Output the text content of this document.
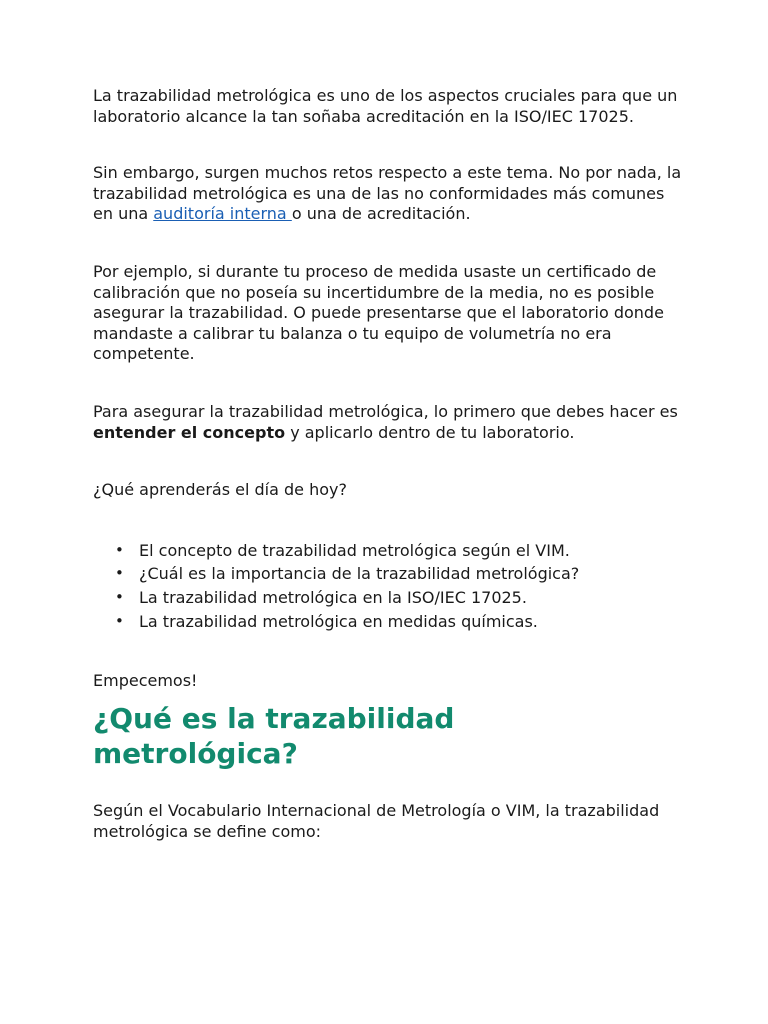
La trazabilidad metrológica es uno de los aspectos cruciales para que un laboratorio alcance la tan soñaba acreditación en la ISO/IEC 17025.

Sin embargo, surgen muchos retos respecto a este tema. No por nada, la trazabilidad metrológica es una de las no conformidades más comunes en una auditoría interna o una de acreditación.

Por ejemplo, si durante tu proceso de medida usaste un certificado de calibración que no poseía su incertidumbre de la media, no es posible asegurar la trazabilidad. O puede presentarse que el laboratorio donde mandaste a calibrar tu balanza o tu equipo de volumetría no era competente.

Para asegurar la trazabilidad metrológica, lo primero que debes hacer es entender el concepto y aplicarlo dentro de tu laboratorio.

¿Qué aprenderás el día de hoy?

• El concepto de trazabilidad metrológica según el VIM.
• ¿Cuál es la importancia de la trazabilidad metrológica?
• La trazabilidad metrológica en la ISO/IEC 17025.
• La trazabilidad metrológica en medidas químicas.

Empecemos!

¿Qué es la trazabilidad metrológica?

Según el Vocabulario Internacional de Metrología o VIM, la trazabilidad metrológica se define como:
